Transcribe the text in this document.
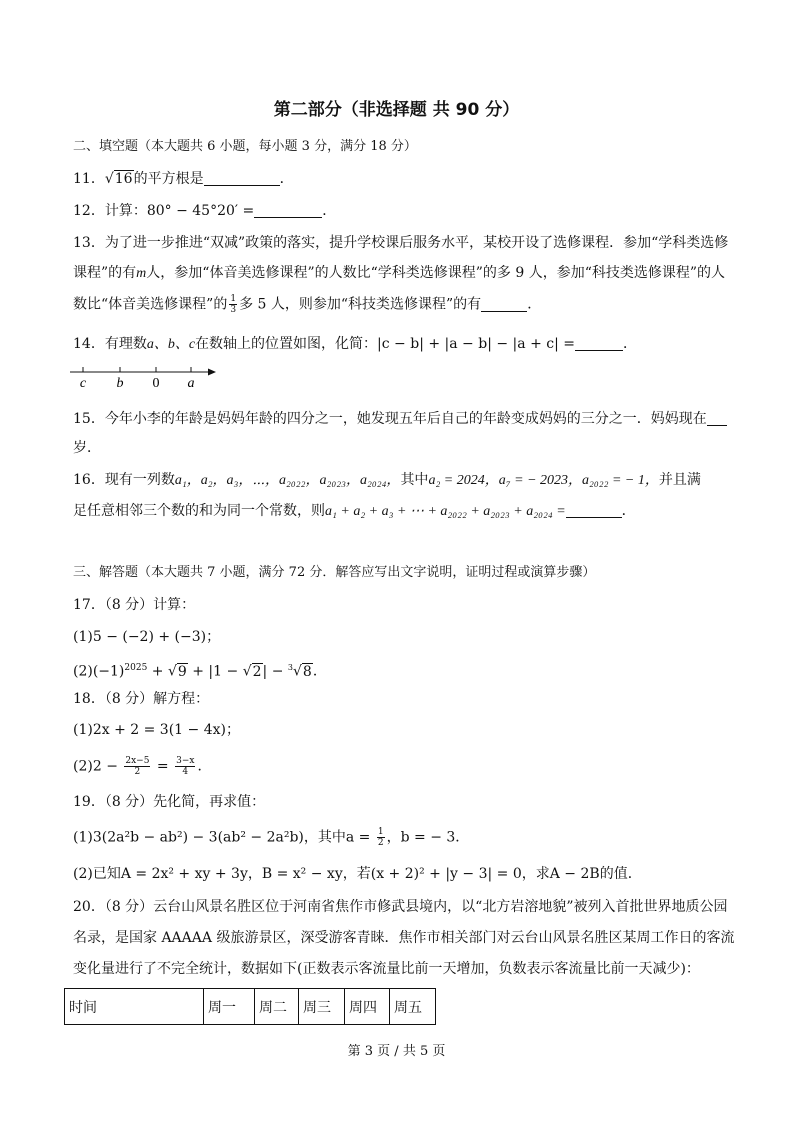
第二部分（非选择题 共 90 分）
二、填空题（本大题共 6 小题，每小题 3 分，满分 18 分）
11．√16的平方根是	．
12．计算：80° − 45°20′ =	．
13．为了进一步推进“双减”政策的落实，提升学校课后服务水平，某校开设了选修课程．参加“学科类选修
课程”的有m人，参加“体音美选修课程”的人数比“学科类选修课程”的多 9 人，参加“科技类选修课程”的人
数比“体音美选修课程”的 $\frac{1}{3}$ 多 5 人，则参加“科技类选修课程”的有	．
14．有理数a、b、c在数轴上的位置如图，化简：|c − b| + |a − b| − |a + c| =	．
c b 0 a
15．今年小李的年龄是妈妈年龄的四分之一，她发现五年后自己的年龄变成妈妈的三分之一．妈妈现在
岁．
16．现有一列数a₁，a₂，a₃，⋯，a₂₀₂₂，a₂₀₂₃，a₂₀₂₄，其中a₂ = 2024，a₇ = − 2023，a₂₀₂₂ = − 1，并且满
足任意相邻三个数的和为同一个常数，则a₁ + a₂ + a₃ + ⋯ + a₂₀₂₂ + a₂₀₂₃ + a₂₀₂₄ =	．
三、解答题（本大题共 7 小题，满分 72 分．解答应写出文字说明，证明过程或演算步骤）
17．（8 分）计算：
(1)5 − (−2) + (−3)；
$(2)(-1)^{2025} + √9 + |1 - √2| - ^3√8$．
18．（8 分）解方程：
(1)2x + 2 = 3(1 − 4x)；
$(2)2 - \frac{2x-5}{2} = \frac{3-x}{4}$ ．
19．（8 分）先化简，再求值：
(1)3(2a²b − ab²) − 3(ab² − 2a²b)，其中$a = \frac{1}{2}$ ，b = − 3．
(2)已知A = 2x² + xy + 3y，B = x² − xy，若(x + 2)² + |y − 3| = 0，求A − 2B的值．
20．（8 分）云台山风景名胜区位于河南省焦作市修武县境内，以“北方岩溶地貌”被列入首批世界地质公园
名录，是国家 AAAAA 级旅游景区，深受游客青睐．焦作市相关部门对云台山风景名胜区某周工作日的客流
变化量进行了不完全统计，数据如下(正数表示客流量比前一天增加，负数表示客流量比前一天减少)：
时间	周一	周二	周三	周四	周五
第 3 页 / 共 5 页
